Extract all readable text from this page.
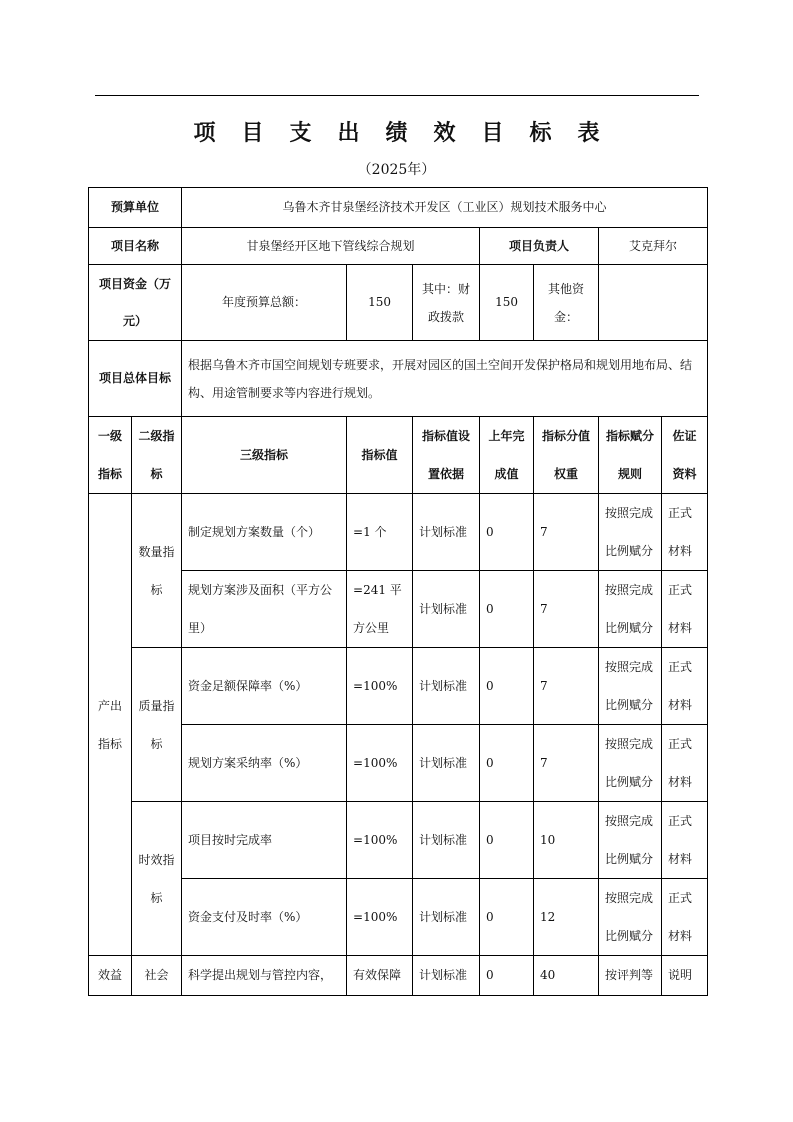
项目支出绩效目标表
（2025年）
预算单位		乌鲁木齐甘泉堡经济技术开发区（工业区）规划技术服务中心						
项目名称		甘泉堡经开区地下管线综合规划			项目负责人		艾克拜尔	
项目资金（万元）		年度预算总额：	150	其中：财政拨款	150	其他资金：		
项目总体目标		根据乌鲁木齐市国空间规划专班要求，开展对园区的国土空间开发保护格局和规划用地布局、结构、用途管制要求等内容进行规划。						
一级指标	二级指标	三级指标	指标值	指标值设置依据	上年完成值	指标分值权重	指标赋分规则	佐证资料
产出指标	数量指标	制定规划方案数量（个）	=1 个	计划标准	0	7	按照完成比例赋分	正式材料
		规划方案涉及面积（平方公里）	=241 平方公里	计划标准	0	7	按照完成比例赋分	正式材料
	质量指标	资金足额保障率（%）	=100%	计划标准	0	7	按照完成比例赋分	正式材料
		规划方案采纳率（%）	=100%	计划标准	0	7	按照完成比例赋分	正式材料
	时效指标	项目按时完成率	=100%	计划标准	0	10	按照完成比例赋分	正式材料
		资金支付及时率（%）	=100%	计划标准	0	12	按照完成比例赋分	正式材料
效益	社会	科学提出规划与管控内容，	有效保障	计划标准	0	40	按评判等	说明
